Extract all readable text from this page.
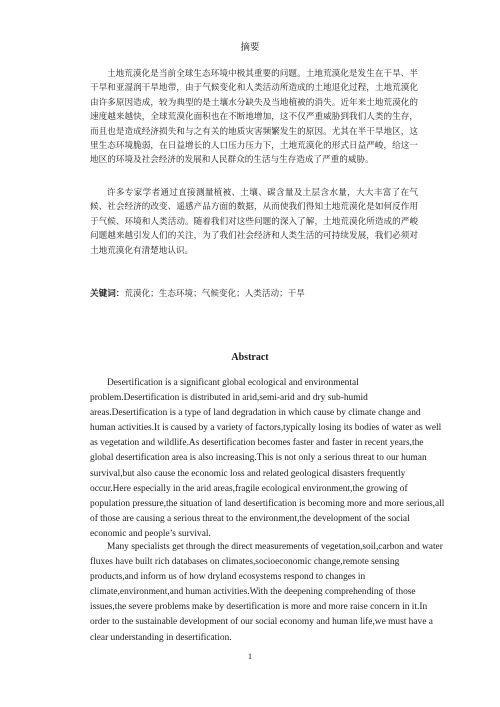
摘要

土地荒漠化是当前全球生态环境中极其重要的问题。土地荒漠化是发生在干旱、半干旱和亚湿润干旱地带，由于气候变化和人类活动所造成的土地退化过程，土地荒漠化由许多原因造成，较为典型的是土壤水分缺失及当地植被的消失。近年来土地荒漠化的速度越来越快，全球荒漠化面积也在不断地增加，这不仅严重威胁到我们人类的生存，而且也是造成经济损失和与之有关的地质灾害频繁发生的原因。尤其在半干旱地区，这里生态环境脆弱，在日益增长的人口压力压力下，土地荒漠化的形式日益严峻，给这一地区的环境及社会经济的发展和人民群众的生活与生存造成了严重的威胁。

许多专家学者通过直接测量植被、土壤、碳含量及土层含水量，大大丰富了在气候、社会经济的改变、遥感产品方面的数据，从而使我们得知土地荒漠化是如何反作用于气候、环境和人类活动。随着我们对这些问题的深入了解，土地荒漠化所造成的严峻问题越来越引发人们的关注，为了我们社会经济和人类生活的可持续发展，我们必须对土地荒漠化有清楚地认识。

关键词：荒漠化；生态环境；气候变化；人类活动；干旱
Abstract

Desertification is a significant global ecological and environmental
problem.Desertification is distributed in arid,semi-arid and dry sub-humid
areas.Desertification is a type of land degradation in which cause by climate change and
human activities.It is caused by a variety of factors,typically losing its bodies of water as well
as vegetation and wildlife.As desertification becomes faster and faster in recent years,the
global desertification area is also increasing.This is not only a serious threat to our human
survival,but also cause the economic loss and related geological disasters frequently
occur.Here especially in the arid areas,fragile ecological environment,the growing of
population pressure,the situation of land desertification is becoming more and more serious,all
of those are causing a serious threat to the environment,the development of the social
economic and people’s survival.

Many specialists get through the direct measurements of vegetation,soil,carbon and water
fluxes have built rich databases on climates,socioeconomic change,remote sensing
products,and inform us of how dryland ecosystems respond to changes in
climate,environment,and human activities.With the deepening comprehending of those
issues,the severe problems make by desertification is more and more raise concern in it.In
order to the sustainable development of our social economy and human life,we must have a
clear understanding in desertification.

1
